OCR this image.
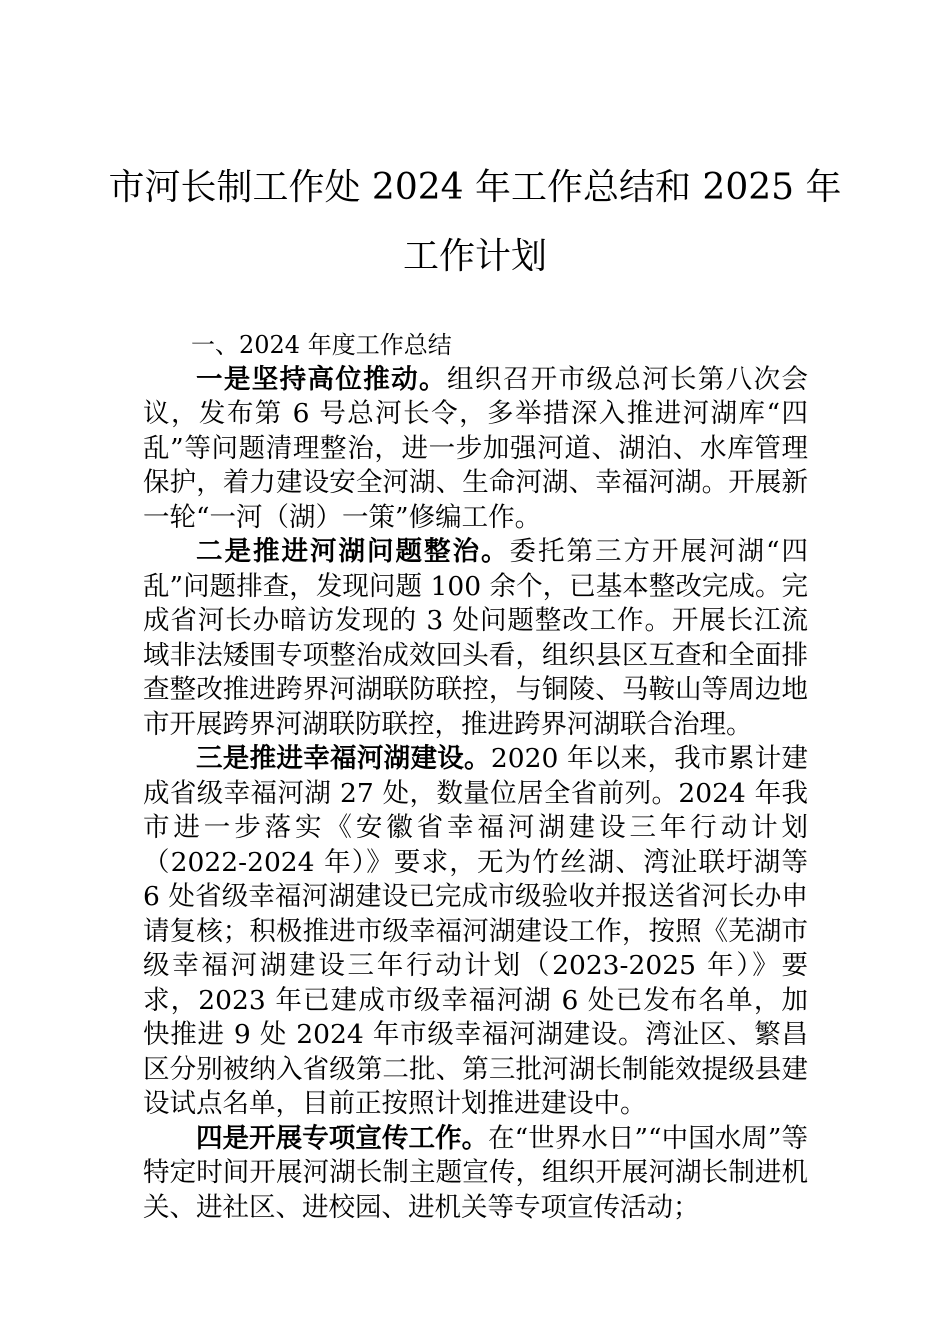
市河长制工作处 2024 年工作总结和 2025 年
工作计划

一、2024 年度工作总结

一是坚持高位推动。组织召开市级总河长第八次会议，发布第 6 号总河长令，多举措深入推进河湖库“四乱”等问题清理整治，进一步加强河道、湖泊、水库管理保护，着力建设安全河湖、生命河湖、幸福河湖。开展新一轮“一河（湖）一策”修编工作。

二是推进河湖问题整治。委托第三方开展河湖“四乱”问题排查，发现问题 100 余个，已基本整改完成。完成省河长办暗访发现的 3 处问题整改工作。开展长江流域非法矮围专项整治成效回头看，组织县区互查和全面排查整改推进跨界河湖联防联控，与铜陵、马鞍山等周边地市开展跨界河湖联防联控，推进跨界河湖联合治理。

三是推进幸福河湖建设。2020 年以来，我市累计建成省级幸福河湖 27 处，数量位居全省前列。2024 年我市进一步落实《安徽省幸福河湖建设三年行动计划（2022-2024 年）》要求，无为竹丝湖、湾沚联圩湖等 6 处省级幸福河湖建设已完成市级验收并报送省河长办申请复核；积极推进市级幸福河湖建设工作，按照《芜湖市级幸福河湖建设三年行动计划（2023-2025 年）》要求，2023 年已建成市级幸福河湖 6 处已发布名单，加快推进 9 处 2024 年市级幸福河湖建设。湾沚区、繁昌区分别被纳入省级第二批、第三批河湖长制能效提级县建设试点名单，目前正按照计划推进建设中。

四是开展专项宣传工作。在“世界水日”“中国水周”等特定时间开展河湖长制主题宣传，组织开展河湖长制进机关、进社区、进校园、进机关等专项宣传活动；
